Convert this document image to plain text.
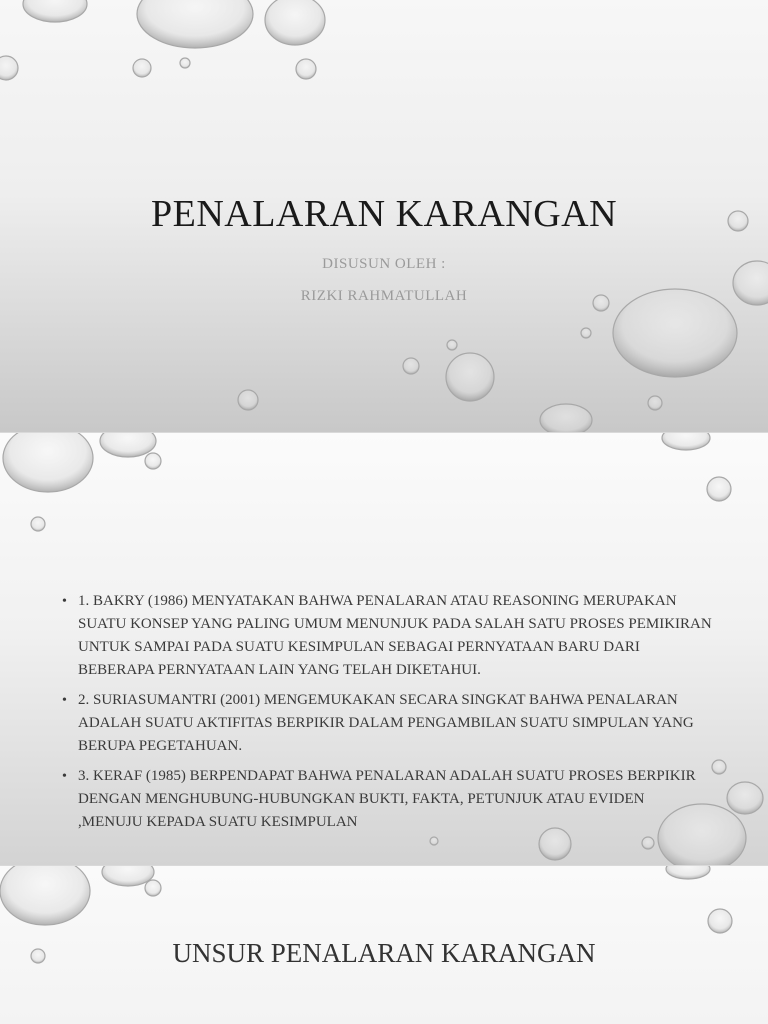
PENALARAN KARANGAN

DISUSUN OLEH :

RIZKI RAHMATULLAH

• 1. BAKRY (1986) MENYATAKAN BAHWA PENALARAN ATAU REASONING MERUPAKAN SUATU KONSEP YANG PALING UMUM MENUNJUK PADA SALAH SATU PROSES PEMIKIRAN UNTUK SAMPAI PADA SUATU KESIMPULAN SEBAGAI PERNYATAAN BARU DARI BEBERAPA PERNYATAAN LAIN YANG TELAH DIKETAHUI.
• 2. SURIASUMANTRI (2001) MENGEMUKAKAN SECARA SINGKAT BAHWA PENALARAN ADALAH SUATU AKTIFITAS BERPIKIR DALAM PENGAMBILAN SUATU SIMPULAN YANG BERUPA PEGETAHUAN.
• 3. KERAF (1985) BERPENDAPAT BAHWA PENALARAN ADALAH SUATU PROSES BERPIKIR DENGAN MENGHUBUNG-HUBUNGKAN BUKTI, FAKTA, PETUNJUK ATAU EVIDEN ,MENUJU KEPADA SUATU KESIMPULAN
UNSUR PENALARAN KARANGAN
